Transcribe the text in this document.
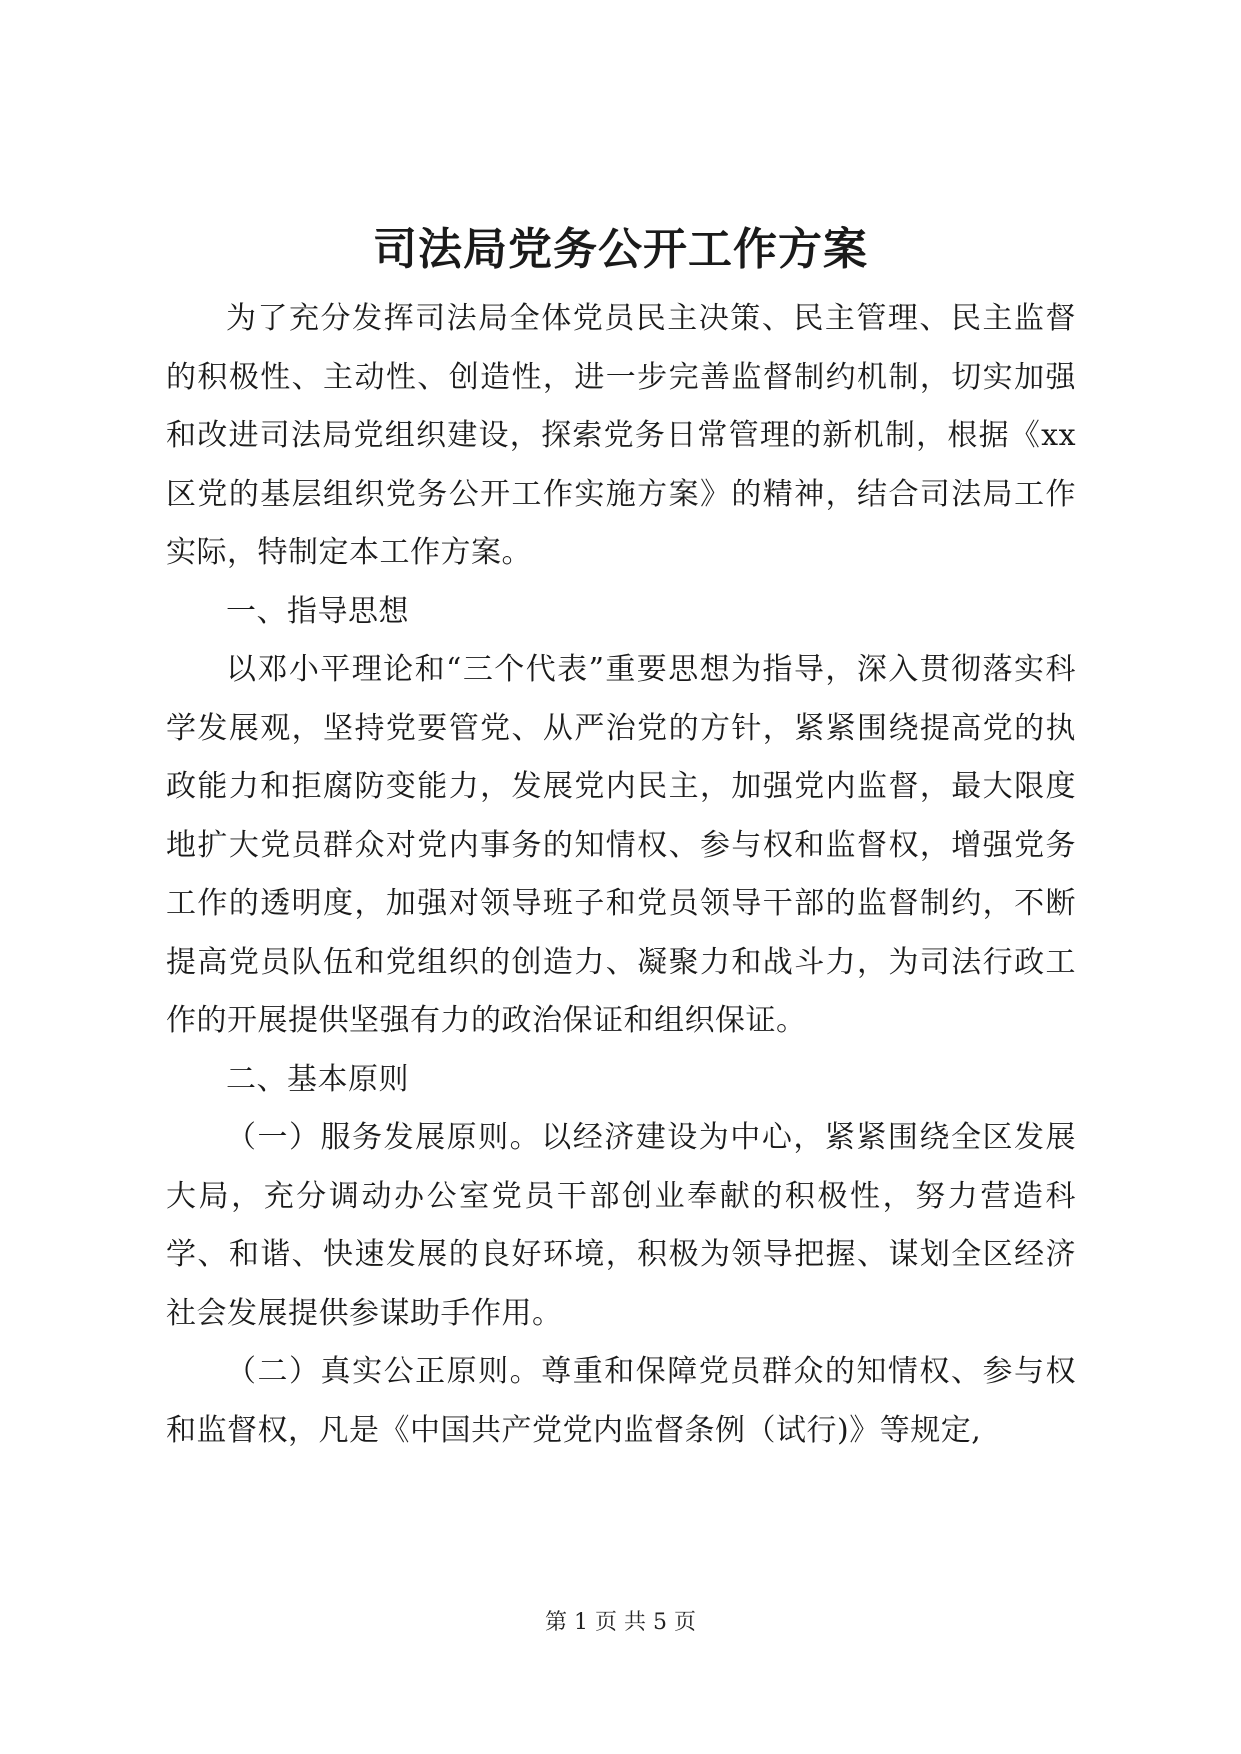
司法局党务公开工作方案

为了充分发挥司法局全体党员民主决策、民主管理、民主监督的积极性、主动性、创造性，进一步完善监督制约机制，切实加强和改进司法局党组织建设，探索党务日常管理的新机制，根据《xx区党的基层组织党务公开工作实施方案》的精神，结合司法局工作实际，特制定本工作方案。

一、指导思想

以邓小平理论和“三个代表”重要思想为指导，深入贯彻落实科学发展观，坚持党要管党、从严治党的方针，紧紧围绕提高党的执政能力和拒腐防变能力，发展党内民主，加强党内监督，最大限度地扩大党员群众对党内事务的知情权、参与权和监督权，增强党务工作的透明度，加强对领导班子和党员领导干部的监督制约，不断提高党员队伍和党组织的创造力、凝聚力和战斗力，为司法行政工作的开展提供坚强有力的政治保证和组织保证。

二、基本原则

（一）服务发展原则。以经济建设为中心，紧紧围绕全区发展大局，充分调动办公室党员干部创业奉献的积极性，努力营造科学、和谐、快速发展的良好环境，积极为领导把握、谋划全区经济社会发展提供参谋助手作用。

（二）真实公正原则。尊重和保障党员群众的知情权、参与权和监督权，凡是《中国共产党党内监督条例（试行)》等规定,

第 1 页 共 5 页
